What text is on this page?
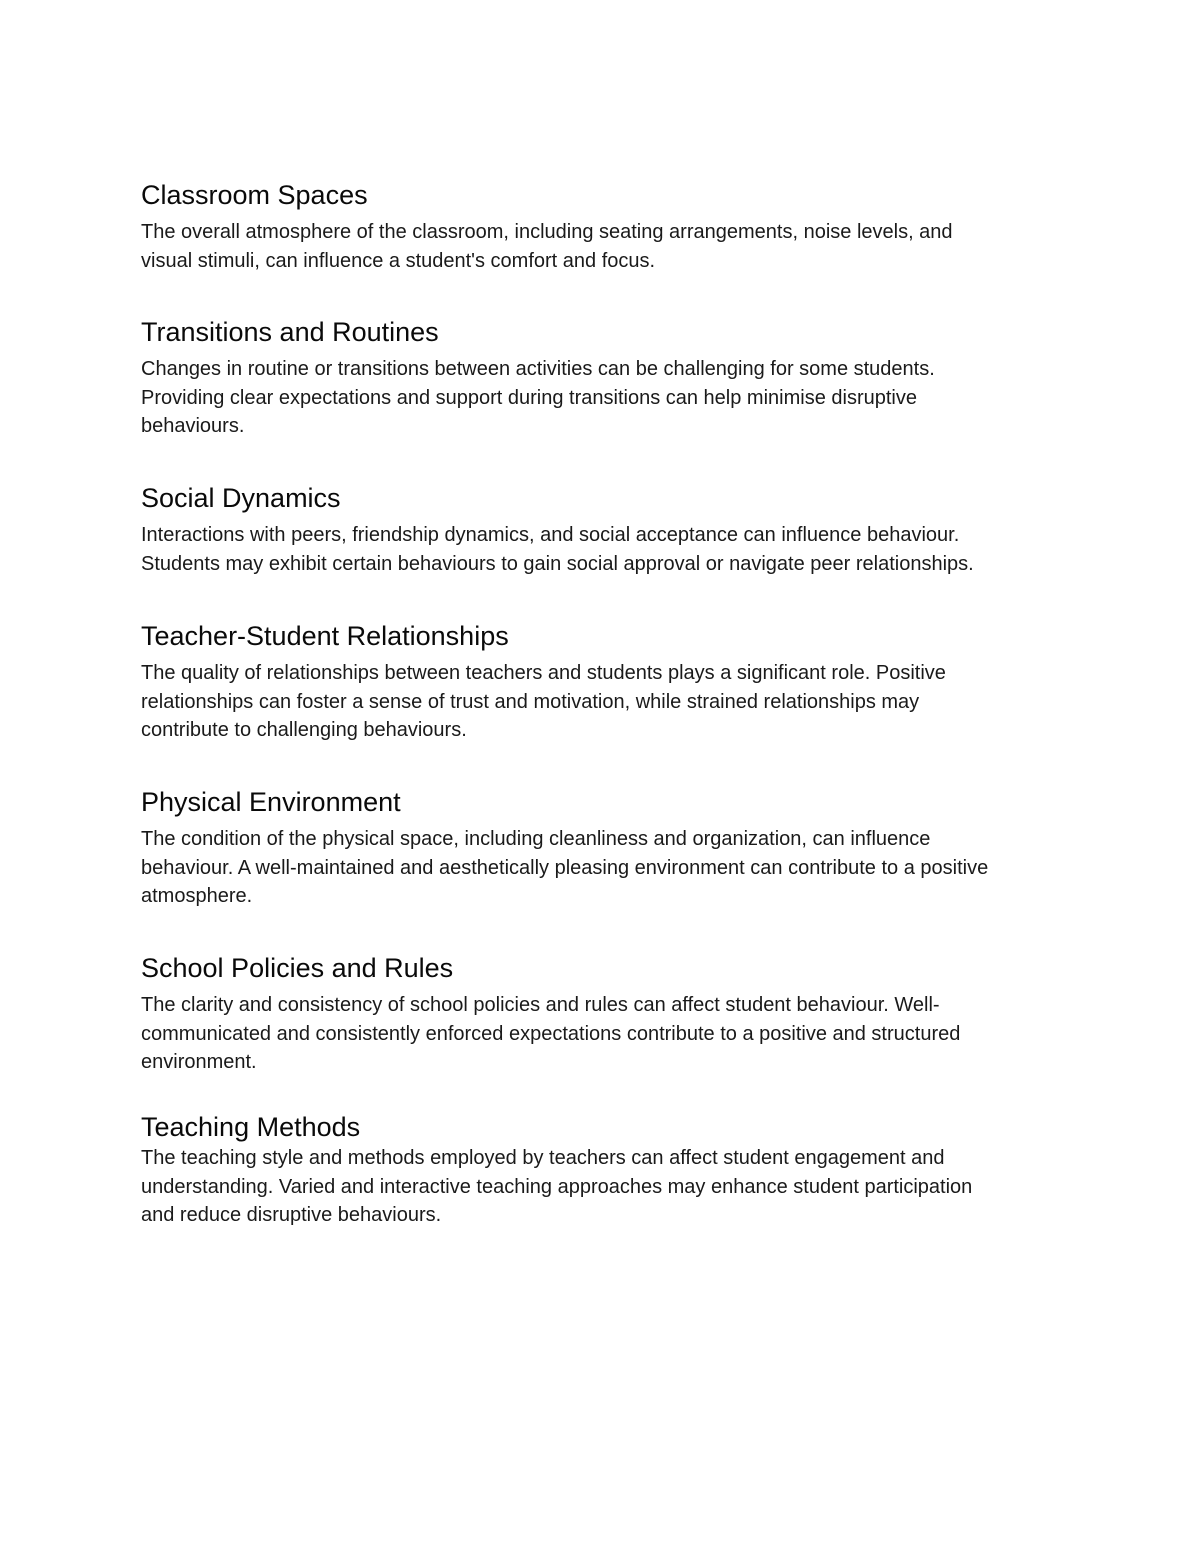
Classroom Spaces

The overall atmosphere of the classroom, including seating arrangements, noise levels, and
visual stimuli, can influence a student's comfort and focus.

Transitions and Routines

Changes in routine or transitions between activities can be challenging for some students.
Providing clear expectations and support during transitions can help minimise disruptive
behaviours.

Social Dynamics

Interactions with peers, friendship dynamics, and social acceptance can influence behaviour.
Students may exhibit certain behaviours to gain social approval or navigate peer relationships.

Teacher-Student Relationships

The quality of relationships between teachers and students plays a significant role. Positive
relationships can foster a sense of trust and motivation, while strained relationships may
contribute to challenging behaviours.

Physical Environment

The condition of the physical space, including cleanliness and organization, can influence
behaviour. A well-maintained and aesthetically pleasing environment can contribute to a positive
atmosphere.

School Policies and Rules

The clarity and consistency of school policies and rules can affect student behaviour. Well-
communicated and consistently enforced expectations contribute to a positive and structured
environment.

Teaching Methods

The teaching style and methods employed by teachers can affect student engagement and
understanding. Varied and interactive teaching approaches may enhance student participation
and reduce disruptive behaviours.
